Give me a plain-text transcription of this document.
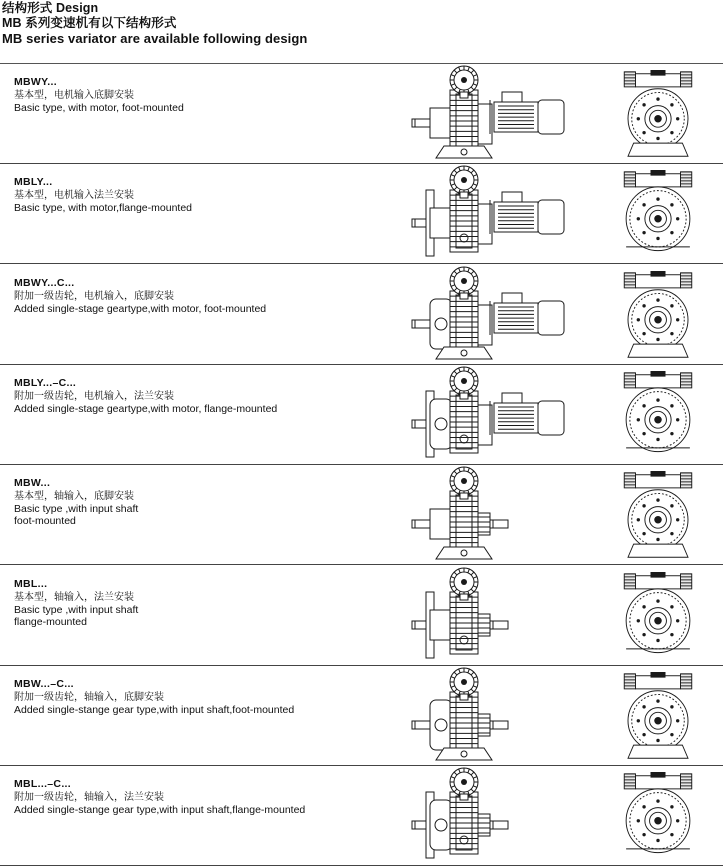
结构形式 Design
MB 系列变速机有以下结构形式
MB series variator are available following design
MBWY...
基本型，电机输入底脚安装
Basic type, with motor, foot-mounted
MBLY...
基本型，电机输入法兰安装
Basic type, with motor,flange-mounted
MBWY...C...
附加一级齿轮，电机输入，底脚安装
Added single-stage geartype,with motor, foot-mounted
MBLY...–C...
附加一级齿轮，电机输入，法兰安装
Added single-stage geartype,with motor, flange-mounted
MBW...
基本型，轴输入，底脚安装
Basic type ,with input shaft
foot-mounted
MBL...
基本型，轴输入，法兰安装
Basic type ,with input shaft
flange-mounted
MBW...–C...
附加一级齿轮，轴输入，底脚安装
Added single-stange gear type,with input shaft,foot-mounted
MBL...–C...
附加一级齿轮，轴输入，法兰安装
Added single-stange gear type,with input shaft,flange-mounted
